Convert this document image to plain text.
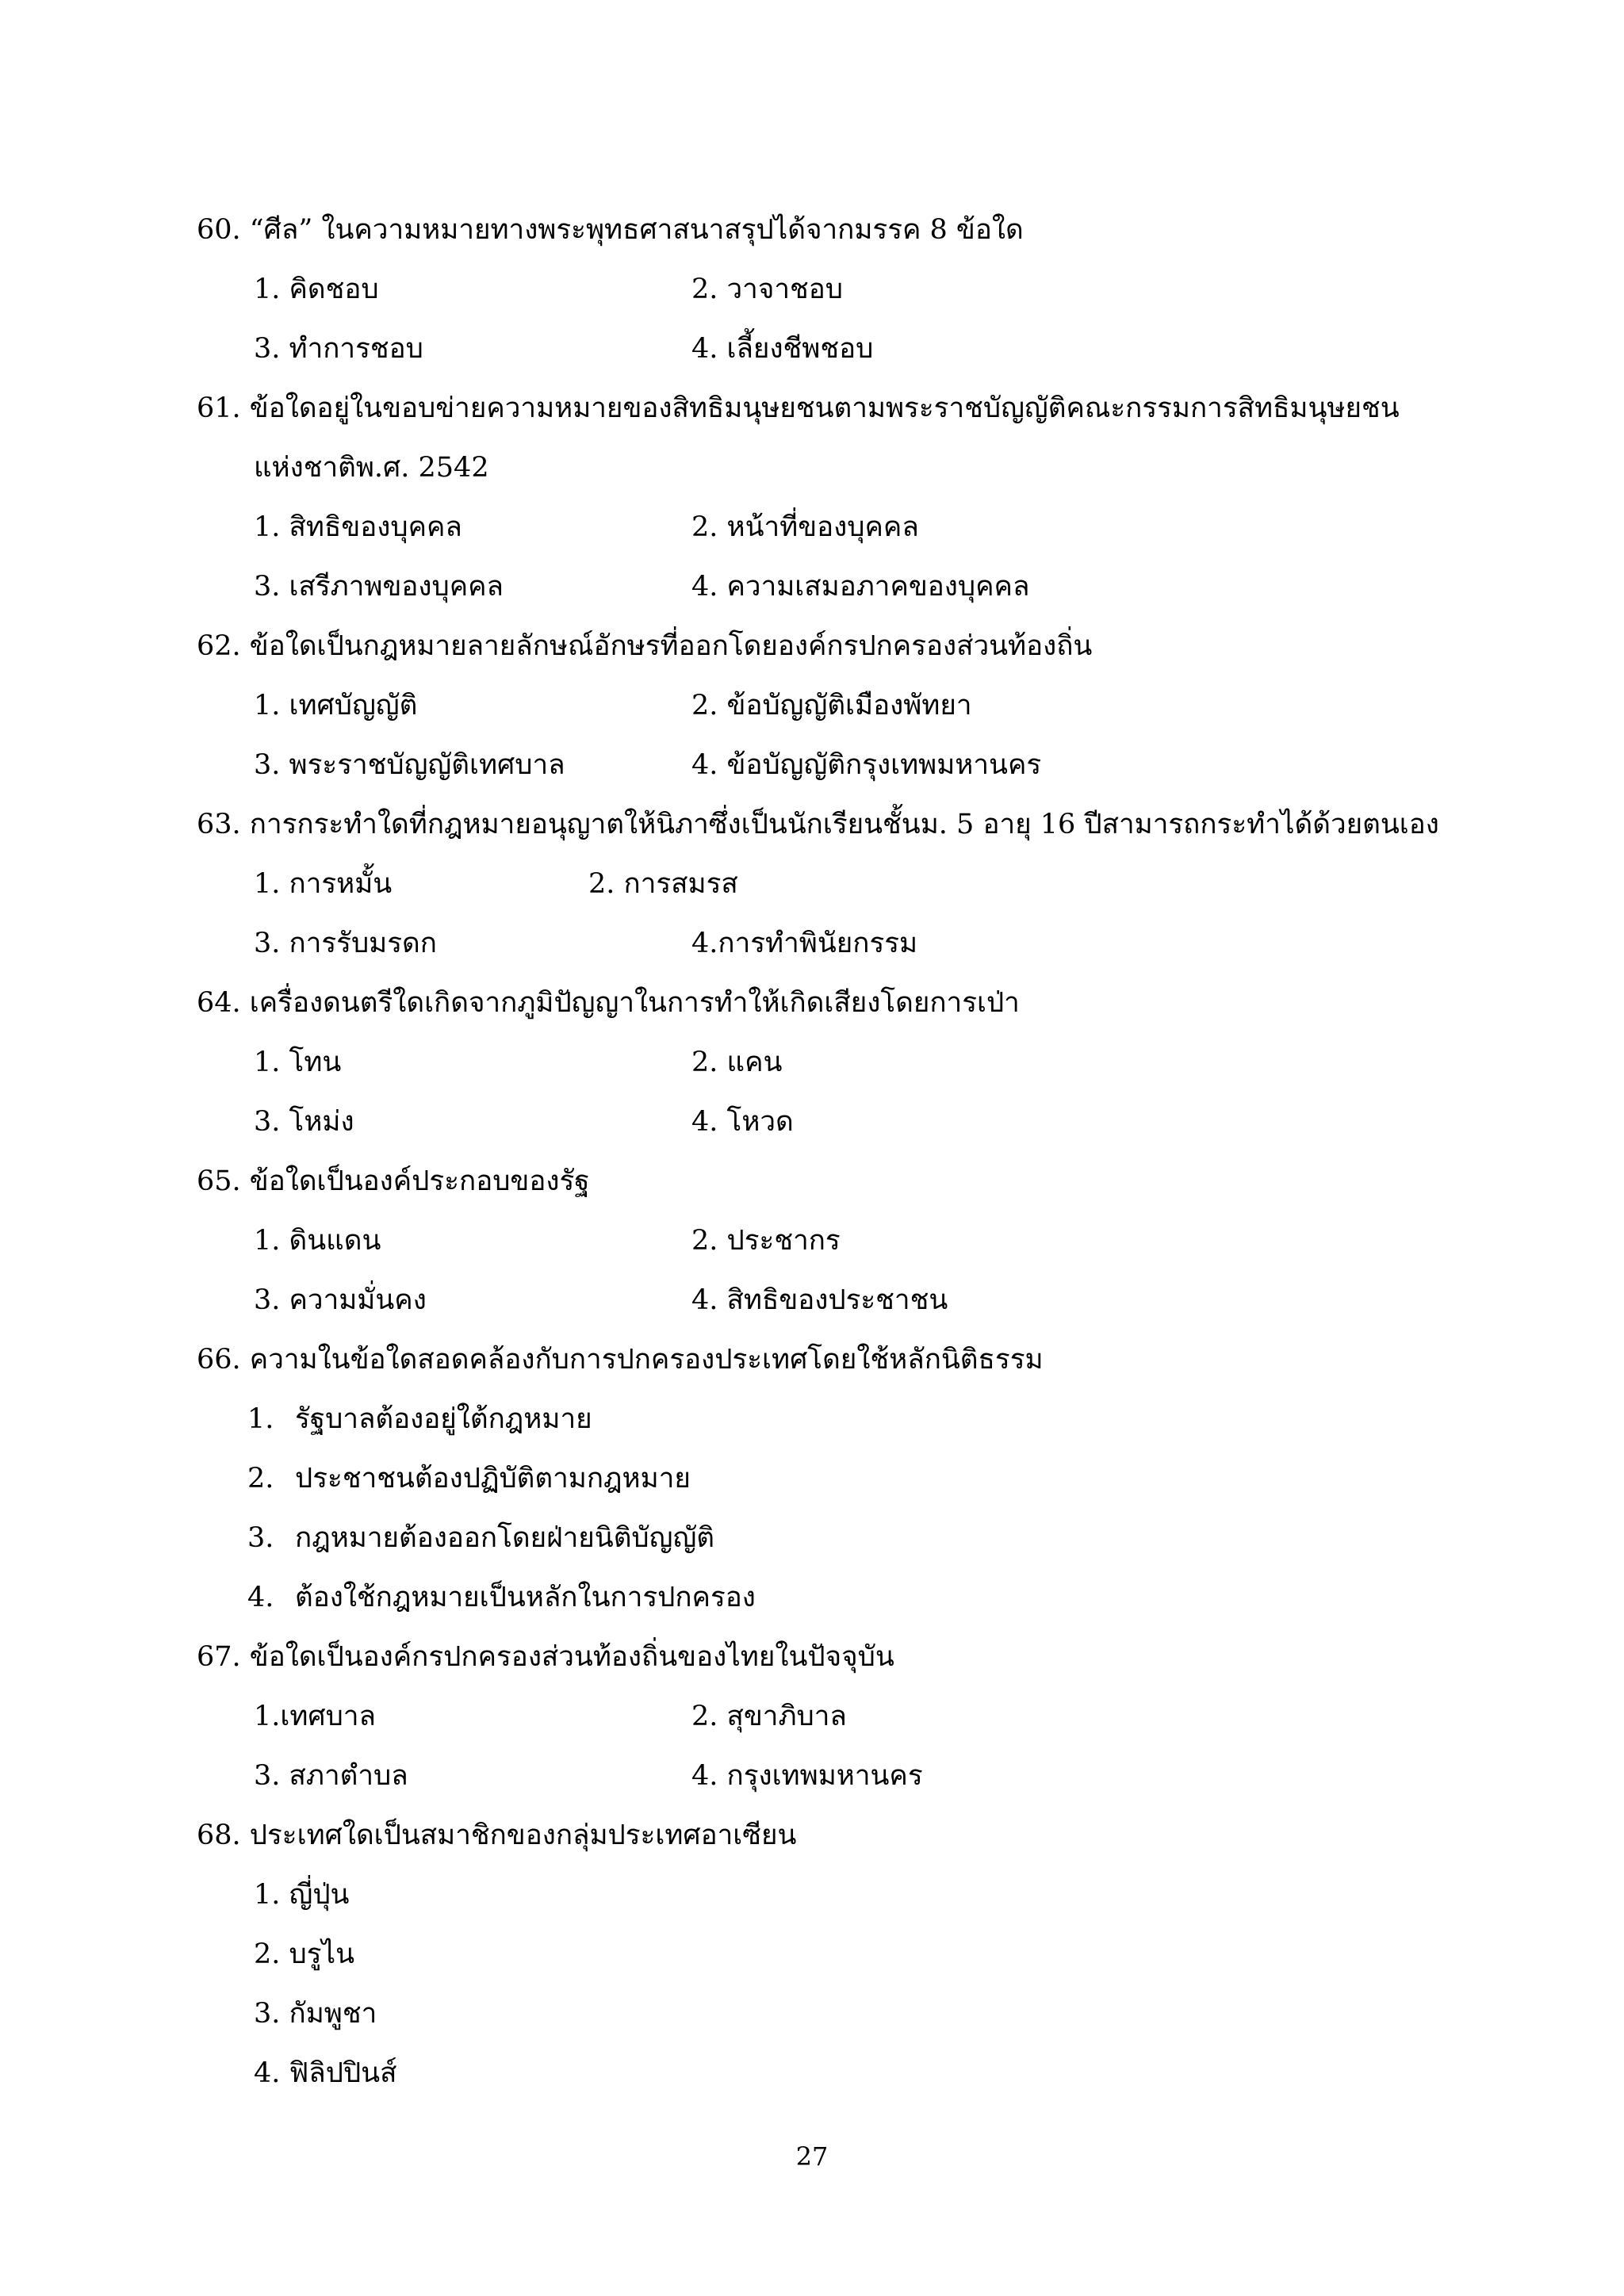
60. “ศีล” ในความหมายทางพระพุทธศาสนาสรุปได้จากมรรค 8 ข้อใด
1. คิดชอบ	2. วาจาชอบ
3. ทำการชอบ	4. เลี้ยงชีพชอบ
61. ข้อใดอยู่ในขอบข่ายความหมายของสิทธิมนุษยชนตามพระราชบัญญัติคณะกรรมการสิทธิมนุษยชน
แห่งชาติพ.ศ. 2542
1. สิทธิของบุคคล	2. หน้าที่ของบุคคล
3. เสรีภาพของบุคคล	4. ความเสมอภาคของบุคคล
62. ข้อใดเป็นกฎหมายลายลักษณ์อักษรที่ออกโดยองค์กรปกครองส่วนท้องถิ่น
1. เทศบัญญัติ	2. ข้อบัญญัติเมืองพัทยา
3. พระราชบัญญัติเทศบาล	4. ข้อบัญญัติกรุงเทพมหานคร
63. การกระทำใดที่กฎหมายอนุญาตให้นิภาซึ่งเป็นนักเรียนชั้นม. 5 อายุ 16 ปีสามารถกระทำได้ด้วยตนเอง
1. การหมั้น	2. การสมรส
3. การรับมรดก	4.การทำพินัยกรรม
64. เครื่องดนตรีใดเกิดจากภูมิปัญญาในการทำให้เกิดเสียงโดยการเป่า
1. โทน	2. แคน
3. โหม่ง	4. โหวด
65. ข้อใดเป็นองค์ประกอบของรัฐ
1. ดินแดน	2. ประชากร
3. ความมั่นคง	4. สิทธิของประชาชน
66. ความในข้อใดสอดคล้องกับการปกครองประเทศโดยใช้หลักนิติธรรม
1. รัฐบาลต้องอยู่ใต้กฎหมาย
2. ประชาชนต้องปฏิบัติตามกฎหมาย
3. กฎหมายต้องออกโดยฝ่ายนิติบัญญัติ
4. ต้องใช้กฎหมายเป็นหลักในการปกครอง
67. ข้อใดเป็นองค์กรปกครองส่วนท้องถิ่นของไทยในปัจจุบัน
1.เทศบาล	2. สุขาภิบาล
3. สภาตำบล	4. กรุงเทพมหานคร
68. ประเทศใดเป็นสมาชิกของกลุ่มประเทศอาเซียน
1. ญี่ปุ่น
2. บรูไน
3. กัมพูชา
4. ฟิลิปปินส์
27
